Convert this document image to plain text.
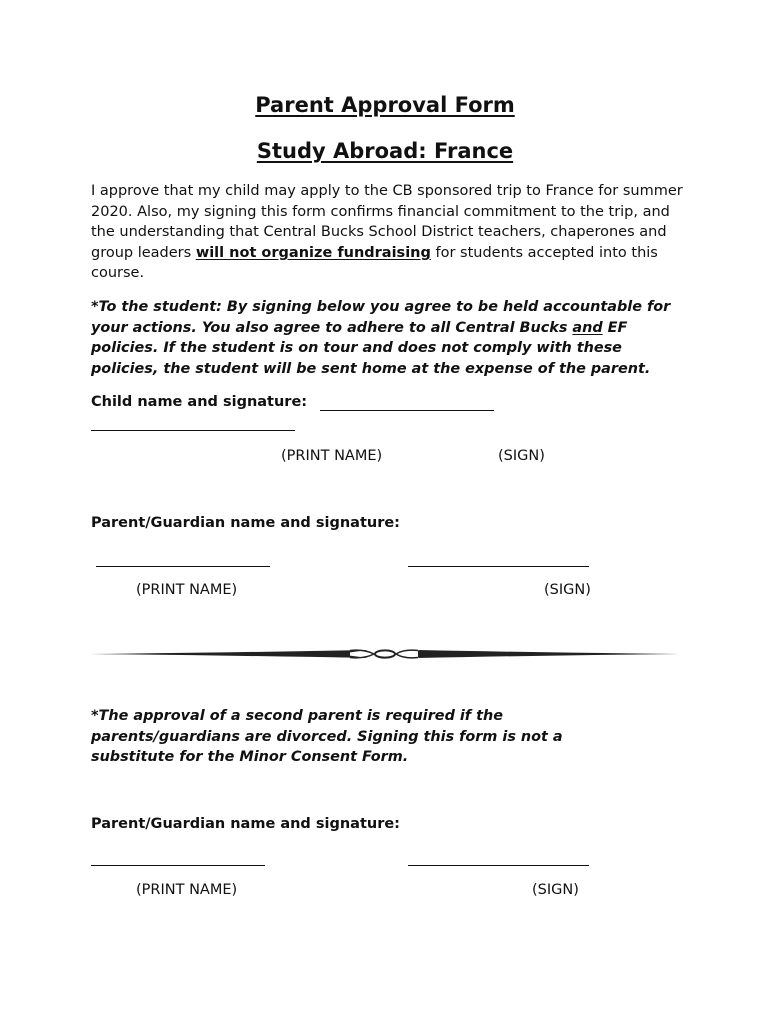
Parent Approval Form
Study Abroad: France
I approve that my child may apply to the CB sponsored trip to France for summer 2020. Also, my signing this form confirms financial commitment to the trip, and the understanding that Central Bucks School District teachers, chaperones and group leaders will not organize fundraising for students accepted into this course.
*To the student: By signing below you agree to be held accountable for your actions. You also agree to adhere to all Central Bucks and EF policies. If the student is on tour and does not comply with these policies, the student will be sent home at the expense of the parent.
Child name and signature:
(PRINT NAME)	(SIGN)
Parent/Guardian name and signature:
(PRINT NAME)	(SIGN)
*The approval of a second parent is required if the parents/guardians are divorced. Signing this form is not a substitute for the Minor Consent Form.
Parent/Guardian name and signature:
(PRINT NAME)	(SIGN)
